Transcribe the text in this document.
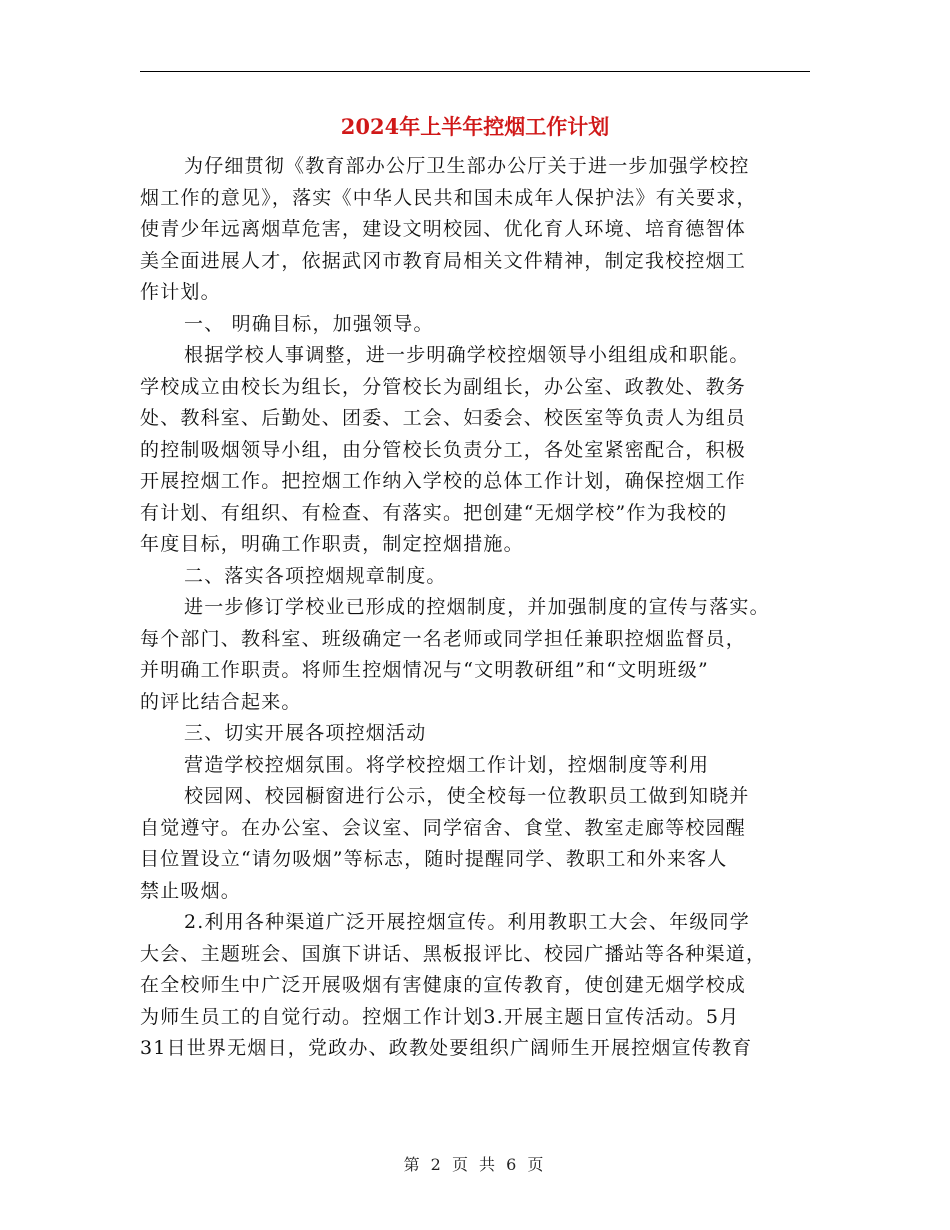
2024年上半年控烟工作计划
为仔细贯彻《教育部办公厅卫生部办公厅关于进一步加强学校控
烟工作的意见》，落实《中华人民共和国未成年人保护法》有关要求，
使青少年远离烟草危害，建设文明校园、优化育人环境、培育德智体
美全面进展人才，依据武冈市教育局相关文件精神，制定我校控烟工
作计划。
一、 明确目标，加强领导。
根据学校人事调整，进一步明确学校控烟领导小组组成和职能。
学校成立由校长为组长，分管校长为副组长，办公室、政教处、教务
处、教科室、后勤处、团委、工会、妇委会、校医室等负责人为组员
的控制吸烟领导小组，由分管校长负责分工，各处室紧密配合，积极
开展控烟工作。把控烟工作纳入学校的总体工作计划，确保控烟工作
有计划、有组织、有检查、有落实。把创建“无烟学校”作为我校的
年度目标，明确工作职责，制定控烟措施。
二、落实各项控烟规章制度。
进一步修订学校业已形成的控烟制度，并加强制度的宣传与落实。
每个部门、教科室、班级确定一名老师或同学担任兼职控烟监督员，
并明确工作职责。将师生控烟情况与“文明教研组”和“文明班级”
的评比结合起来。
三、切实开展各项控烟活动
营造学校控烟氛围。将学校控烟工作计划，控烟制度等利用
校园网、校园橱窗进行公示，使全校每一位教职员工做到知晓并
自觉遵守。在办公室、会议室、同学宿舍、食堂、教室走廊等校园醒
目位置设立“请勿吸烟”等标志，随时提醒同学、教职工和外来客人
禁止吸烟。
2.利用各种渠道广泛开展控烟宣传。利用教职工大会、年级同学
大会、主题班会、国旗下讲话、黑板报评比、校园广播站等各种渠道，
在全校师生中广泛开展吸烟有害健康的宣传教育，使创建无烟学校成
为师生员工的自觉行动。控烟工作计划3.开展主题日宣传活动。5月
31日世界无烟日，党政办、政教处要组织广阔师生开展控烟宣传教育
第 2 页 共 6 页
